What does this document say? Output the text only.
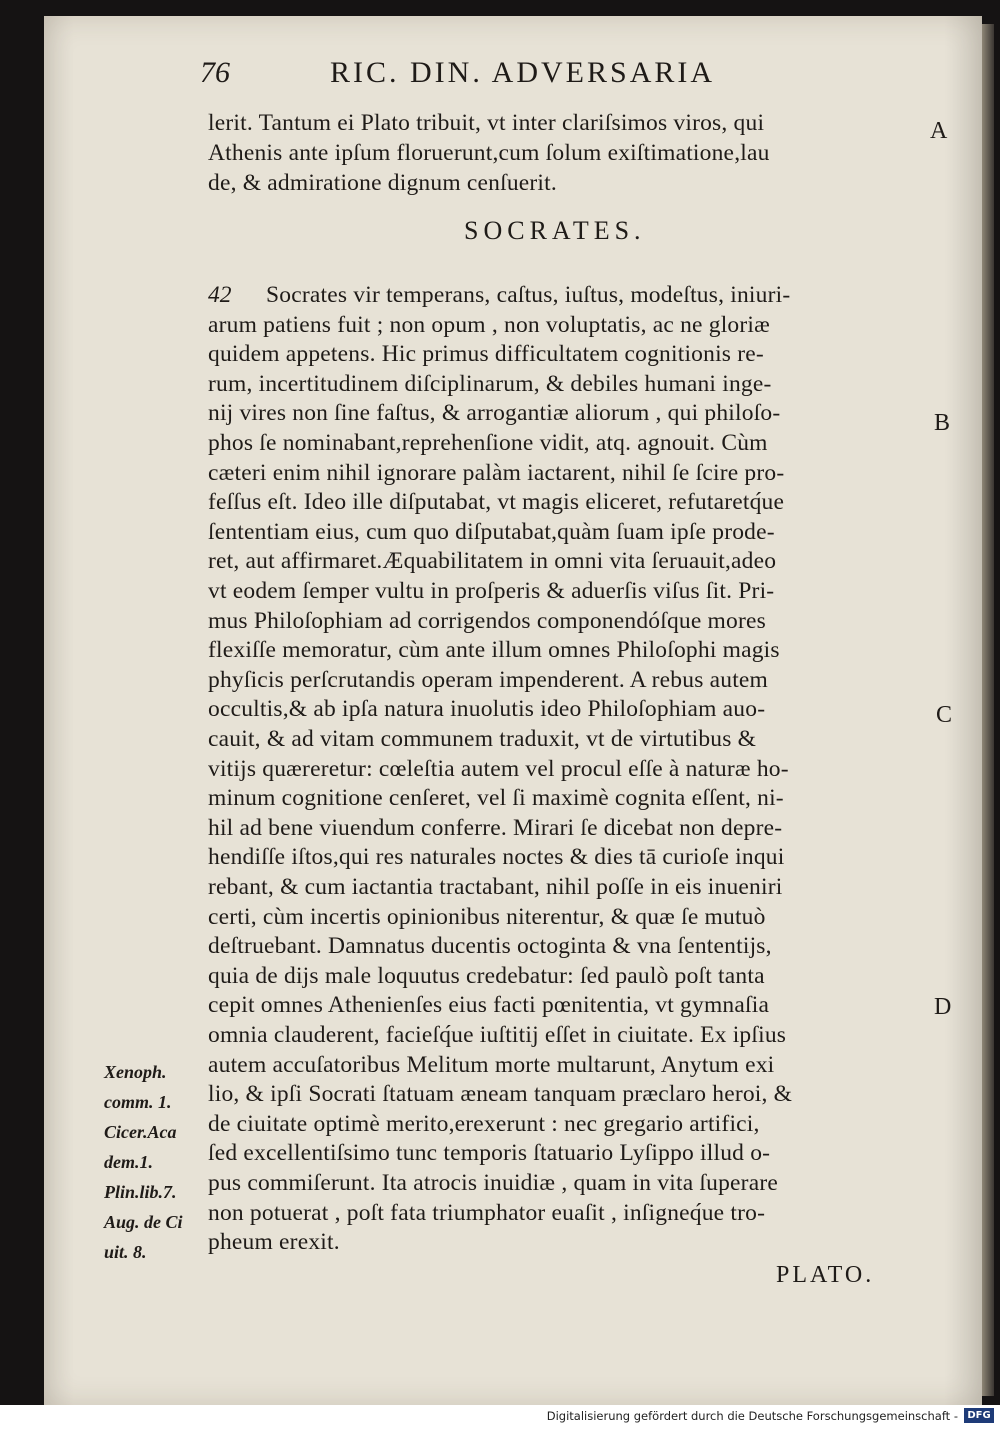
76	RIC. DIN. ADVERSARIA
lerit. Tantum ei Plato tribuit, vt inter clariſsimos viros, qui
Athenis ante ipſum floruerunt,cum ſolum exiſtimatione,lau
de, & admiratione dignum cenſuerit.
SOCRATES.
42 Socrates vir temperans, caſtus, iuſtus, modeſtus, iniuri-
arum patiens fuit ; non opum , non voluptatis, ac ne gloriæ
quidem appetens. Hic primus difficultatem cognitionis re-
rum, incertitudinem diſciplinarum, & debiles humani inge-
nij vires non ſine faſtus, & arrogantiæ aliorum , qui philoſo-
phos ſe nominabant,reprehenſione vidit, atq. agnouit. Cùm
cæteri enim nihil ignorare palàm iactarent, nihil ſe ſcire pro-
feſſus eſt. Ideo ille diſputabat, vt magis eliceret, refutaretq́ue
ſententiam eius, cum quo diſputabat,quàm ſuam ipſe prode-
ret, aut affirmaret.Æquabilitatem in omni vita ſeruauit,adeo
vt eodem ſemper vultu in proſperis & aduerſis viſus ſit. Pri-
mus Philoſophiam ad corrigendos componendóſque mores
flexiſſe memoratur, cùm ante illum omnes Philoſophi magis
phyſicis perſcrutandis operam impenderent. A rebus autem
occultis,& ab ipſa natura inuolutis ideo Philoſophiam auo-
cauit, & ad vitam communem traduxit, vt de virtutibus &
vitijs quæreretur: cœleſtia autem vel procul eſſe à naturæ ho-
minum cognitione cenſeret, vel ſi maximè cognita eſſent, ni-
hil ad bene viuendum conferre. Mirari ſe dicebat non depre-
hendiſſe iſtos,qui res naturales noctes & dies tā curioſe inqui
rebant, & cum iactantia tractabant, nihil poſſe in eis inueniri
certi, cùm incertis opinionibus niterentur, & quæ ſe mutuò
deſtruebant. Damnatus ducentis octoginta & vna ſententijs,
quia de dijs male loquutus credebatur: ſed paulò poſt tanta
cepit omnes Athenienſes eius facti pœnitentia, vt gymnaſia
omnia clauderent, facieſq́ue iuſtitij eſſet in ciuitate. Ex ipſius
autem accuſatoribus Melitum morte multarunt, Anytum exi
lio, & ipſi Socrati ſtatuam æneam tanquam præclaro heroi, &
de ciuitate optimè merito,erexerunt : nec gregario artifici,
ſed excellentiſsimo tunc temporis ſtatuario Lyſippo illud o-
pus commiſerunt. Ita atrocis inuidiæ , quam in vita ſuperare
non potuerat , poſt fata triumphator euaſit , inſigneq́ue tro-
pheum erexit.
A
B
C
D
Xenoph.
comm. 1.
Cicer.Aca
dem.1.
Plin.lib.7.
Aug. de Ci
uit. 8.
PLATO.
Digitalisierung gefördert durch die Deutsche Forschungsgemeinschaft - DFG
